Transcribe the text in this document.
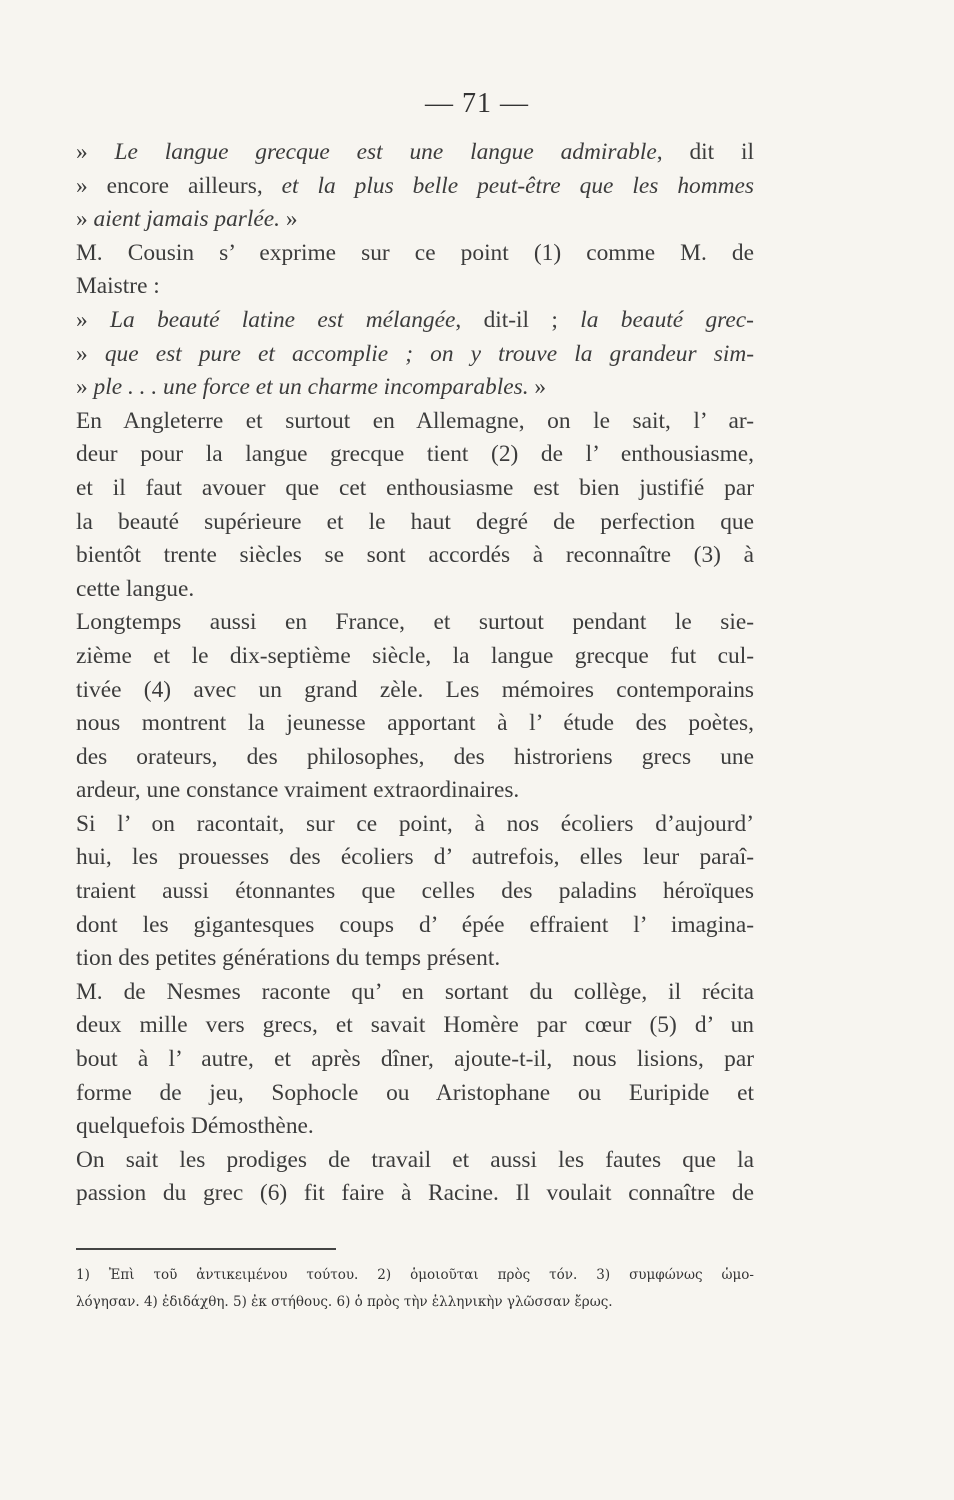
— 71 —
» Le langue grecque est une langue admirable, dit il
» encore ailleurs, et la plus belle peut-être que les hommes
» aient jamais parlée. »
M. Cousin s’ exprime sur ce point (1) comme M. de
Maistre :
» La beauté latine est mélangée, dit-il ; la beauté grec-
» que est pure et accomplie ; on y trouve la grandeur sim-
» ple . . . une force et un charme incomparables. »
En Angleterre et surtout en Allemagne, on le sait, l’ ar-
deur pour la langue grecque tient (2) de l’ enthousiasme,
et il faut avouer que cet enthousiasme est bien justifié par
la beauté supérieure et le haut degré de perfection que
bientôt trente siècles se sont accordés à reconnaître (3) à
cette langue.
Longtemps aussi en France, et surtout pendant le sie-
zième et le dix-septième siècle, la langue grecque fut cul-
tivée (4) avec un grand zèle. Les mémoires contemporains
nous montrent la jeunesse apportant à l’ étude des poètes,
des orateurs, des philosophes, des histroriens grecs une
ardeur, une constance vraiment extraordinaires.
Si l’ on racontait, sur ce point, à nos écoliers d’aujourd’
hui, les prouesses des écoliers d’ autrefois, elles leur paraî-
traient aussi étonnantes que celles des paladins héroïques
dont les gigantesques coups d’ épée effraient l’ imagina-
tion des petites générations du temps présent.
M. de Nesmes raconte qu’ en sortant du collège, il récita
deux mille vers grecs, et savait Homère par cœur (5) d’ un
bout à l’ autre, et après dîner, ajoute-t-il, nous lisions, par
forme de jeu, Sophocle ou Aristophane ou Euripide et
quelquefois Démosthène.
On sait les prodiges de travail et aussi les fautes que la
passion du grec (6) fit faire à Racine. Il voulait connaître de
1) Ἐπὶ τοῦ ἀντικειμένου τούτου. 2) ὁμοιοῦται πρὸς τόν. 3) συμφώνως ὡμο-
λόγησαν. 4) ἐδιδάχθη. 5) ἐκ στήθους. 6) ὁ πρὸς τὴν ἑλληνικὴν γλῶσσαν ἔρως.
